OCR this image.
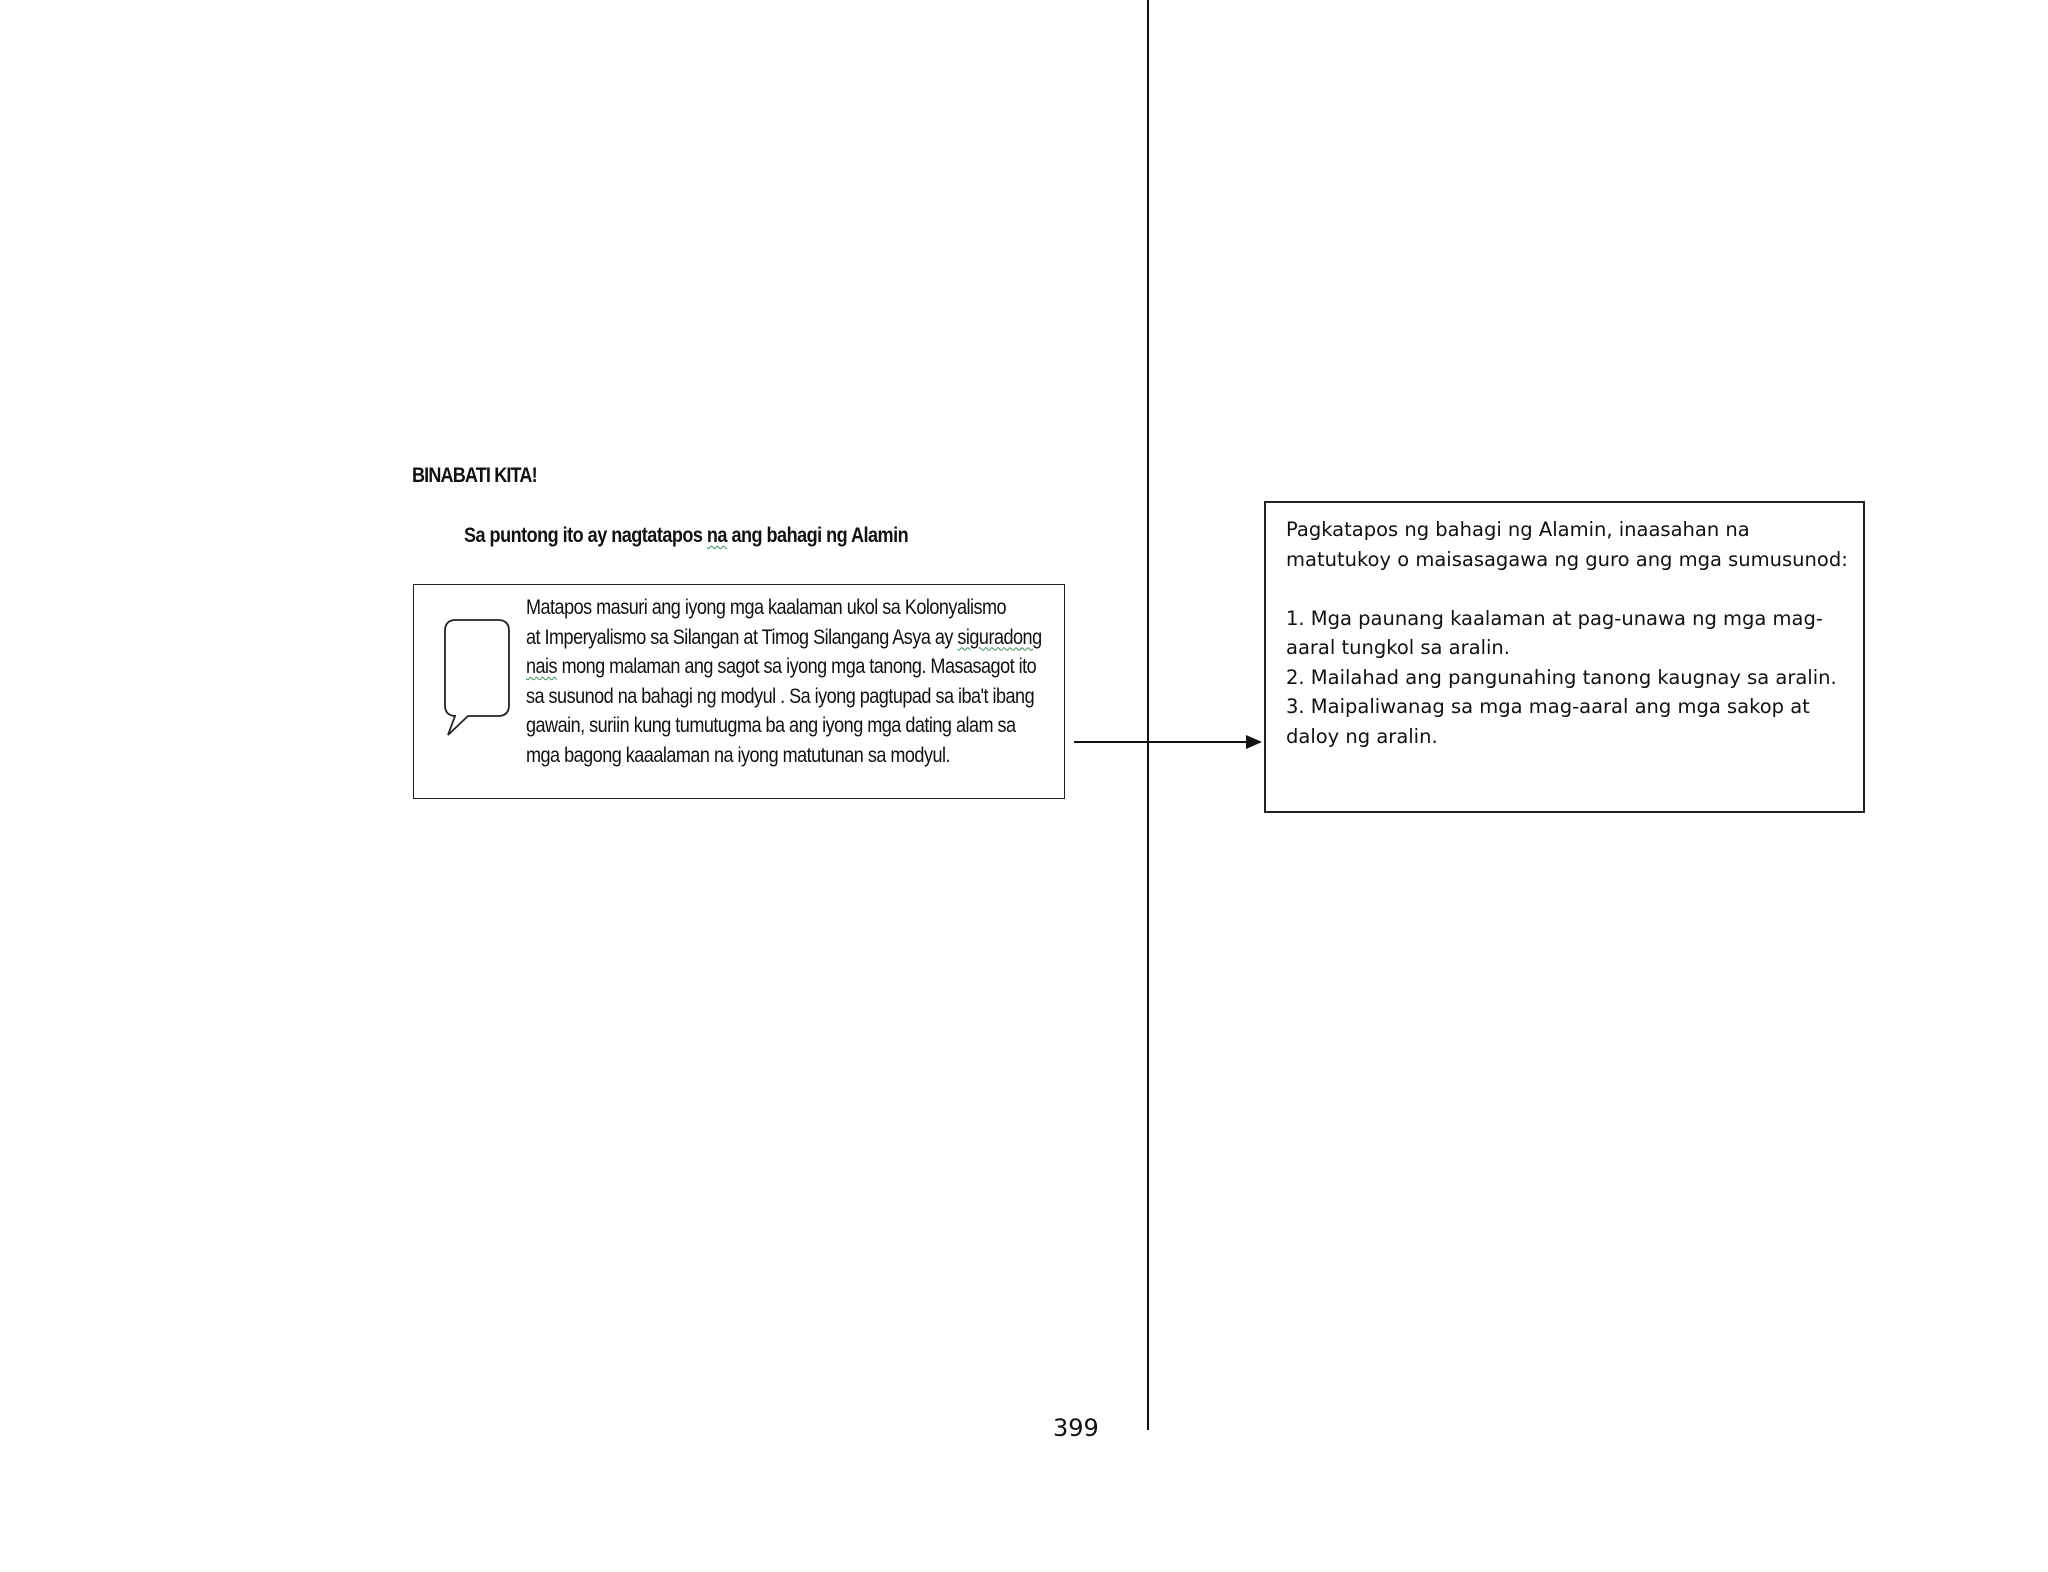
BINABATI KITA!
Sa puntong ito ay nagtatapos na ang bahagi ng Alamin
Matapos masuri ang iyong mga kaalaman ukol sa Kolonyalismo
at Imperyalismo sa Silangan at Timog Silangang Asya ay siguradong
nais mong malaman ang sagot sa iyong mga tanong. Masasagot ito
sa susunod na bahagi ng modyul . Sa iyong pagtupad sa iba't ibang
gawain, suriin kung tumutugma ba ang iyong mga dating alam sa
mga bagong kaaalaman na iyong matutunan sa modyul.
Pagkatapos ng bahagi ng Alamin, inaasahan na
matutukoy o maisasagawa ng guro ang mga sumusunod:
1. Mga paunang kaalaman at pag-unawa ng mga mag-
aaral tungkol sa aralin.
2. Mailahad ang pangunahing tanong kaugnay sa aralin.
3. Maipaliwanag sa mga mag-aaral ang mga sakop at
daloy ng aralin.
399
